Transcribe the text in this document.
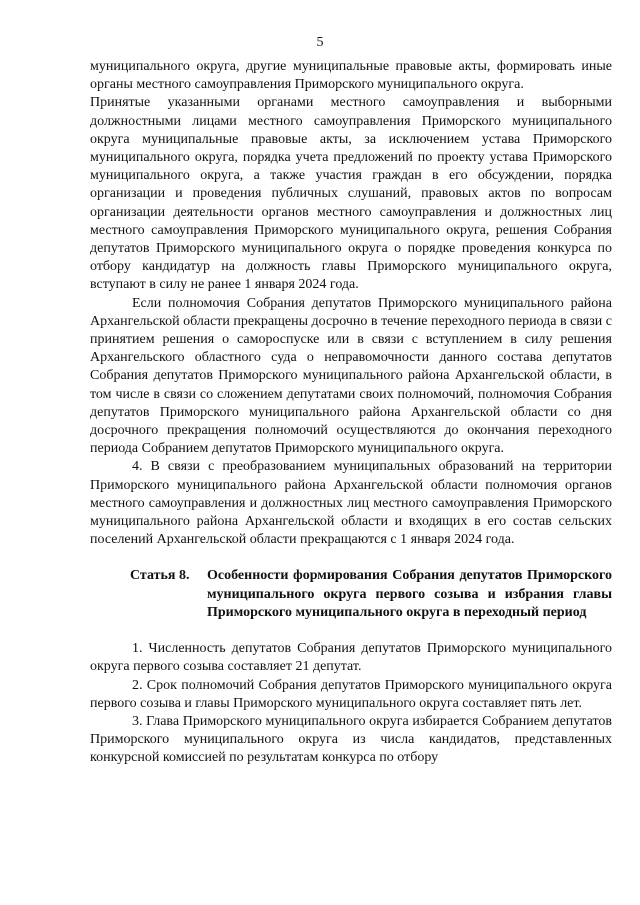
5

муниципального округа, другие муниципальные правовые акты, формировать иные органы местного самоуправления Приморского муниципального округа.

Принятые указанными органами местного самоуправления и выборными должностными лицами местного самоуправления Приморского муниципального округа муниципальные правовые акты, за исключением устава Приморского муниципального округа, порядка учета предложений по проекту устава Приморского муниципального округа, а также участия граждан в его обсуждении, порядка организации и проведения публичных слушаний, правовых актов по вопросам организации деятельности органов местного самоуправления и должностных лиц местного самоуправления Приморского муниципального округа, решения Собрания депутатов Приморского муниципального округа о порядке проведения конкурса по отбору кандидатур на должность главы Приморского муниципального округа, вступают в силу не ранее 1 января 2024 года.

Если полномочия Собрания депутатов Приморского муниципального района Архангельской области прекращены досрочно в течение переходного периода в связи с принятием решения о самороспуске или в связи с вступлением в силу решения Архангельского областного суда о неправомочности данного состава депутатов Собрания депутатов Приморского муниципального района Архангельской области, в том числе в связи со сложением депутатами своих полномочий, полномочия Собрания депутатов Приморского муниципального района Архангельской области со дня досрочного прекращения полномочий осуществляются до окончания переходного периода Собранием депутатов Приморского муниципального округа.

4. В связи с преобразованием муниципальных образований на территории Приморского муниципального района Архангельской области полномочия органов местного самоуправления и должностных лиц местного самоуправления Приморского муниципального района Архангельской области и входящих в его состав сельских поселений Архангельской области прекращаются с 1 января 2024 года.

Статья 8.	Особенности формирования Собрания депутатов Приморского муниципального округа первого созыва и избрания главы Приморского муниципального округа в переходный период

1. Численность депутатов Собрания депутатов Приморского муниципального округа первого созыва составляет 21 депутат.

2. Срок полномочий Собрания депутатов Приморского муниципального округа первого созыва и главы Приморского муниципального округа составляет пять лет.

3. Глава Приморского муниципального округа избирается Собранием депутатов Приморского муниципального округа из числа кандидатов, представленных конкурсной комиссией по результатам конкурса по отбору
